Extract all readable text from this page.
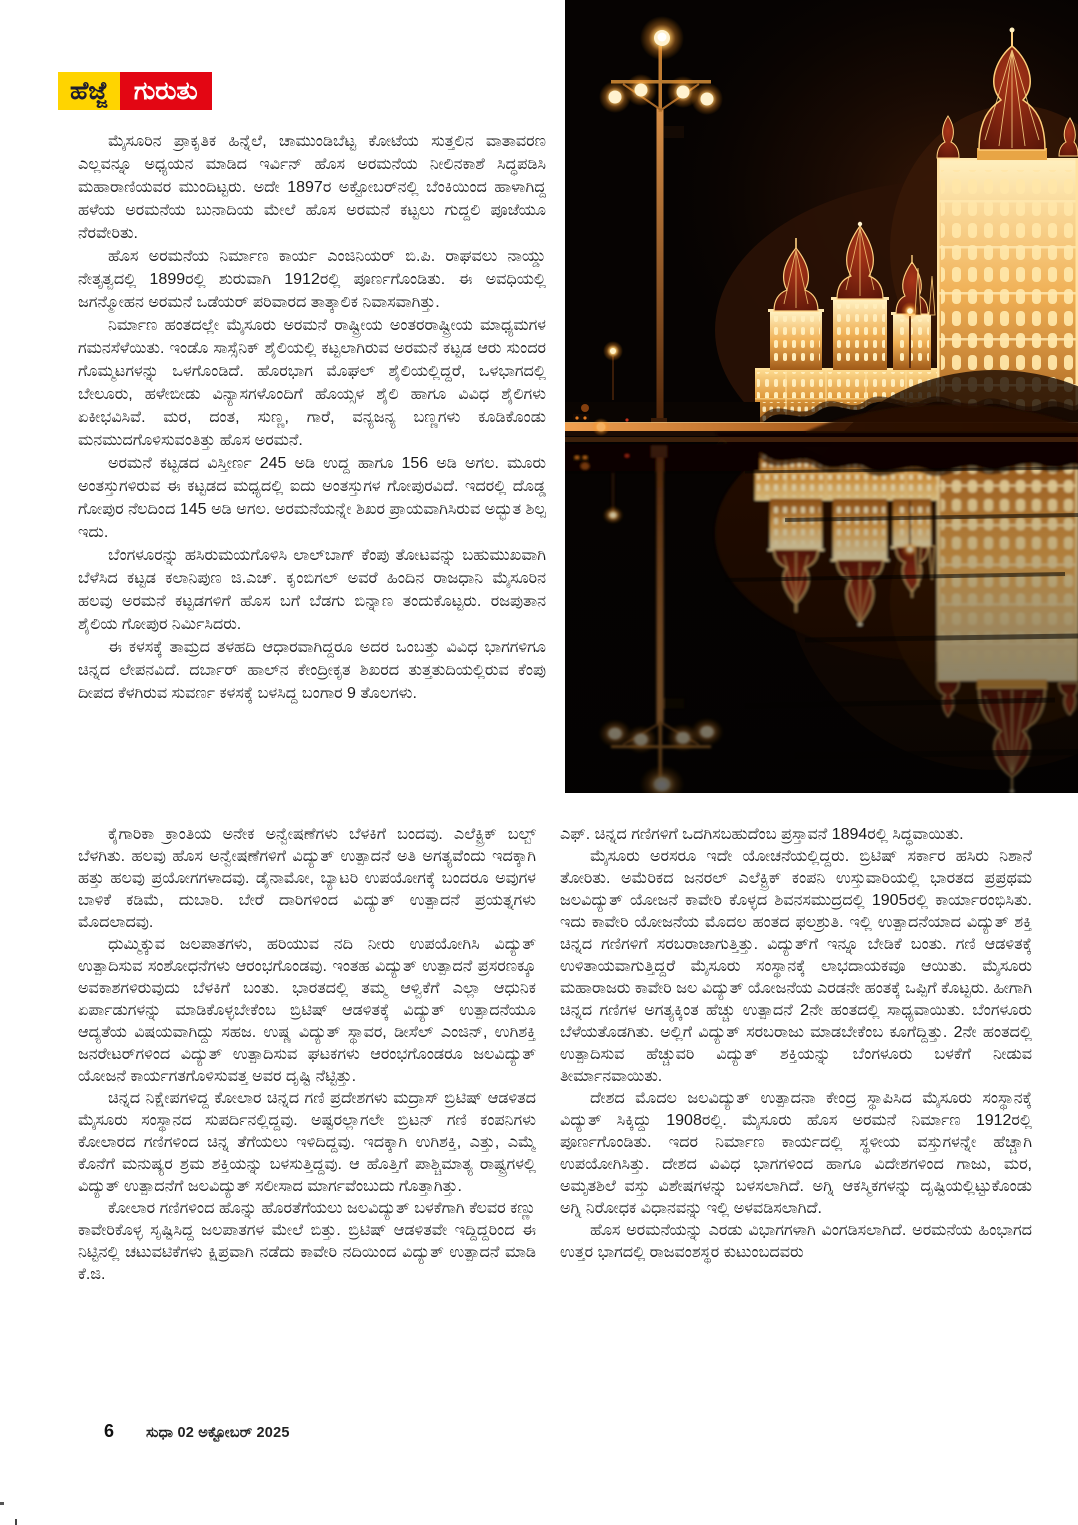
ಹೆಜ್ಜೆ	ಗುರುತು

ಮೈಸೂರಿನ ಪ್ರಾಕೃತಿಕ ಹಿನ್ನೆಲೆ, ಚಾಮುಂಡಿಬೆಟ್ಟ ಕೋಟೆಯ ಸುತ್ತಲಿನ ವಾತಾವರಣ ಎಲ್ಲವನ್ನೂ ಅಧ್ಯಯನ ಮಾಡಿದ ಇರ್ವಿನ್ ಹೊಸ ಅರಮನೆಯ ನೀಲಿನಕಾಶೆ ಸಿದ್ಧಪಡಿಸಿ ಮಹಾರಾಣಿಯವರ ಮುಂದಿಟ್ಟರು. ಅದೇ 1897ರ ಅಕ್ಟೋಬರ್‌ನಲ್ಲಿ ಬೆಂಕಿಯಿಂದ ಹಾಳಾಗಿದ್ದ ಹಳೆಯ ಅರಮನೆಯ ಬುನಾದಿಯ ಮೇಲೆ ಹೊಸ ಅರಮನೆ ಕಟ್ಟಲು ಗುದ್ದಲಿ ಪೂಜೆಯೂ ನೆರವೇರಿತು.

ಹೊಸ ಅರಮನೆಯ ನಿರ್ಮಾಣ ಕಾರ್ಯ ಎಂಜಿನಿಯರ್ ಬಿ.ಪಿ. ರಾಘವಲು ನಾಯ್ಡು ನೇತೃತ್ವದಲ್ಲಿ 1899ರಲ್ಲಿ ಶುರುವಾಗಿ 1912ರಲ್ಲಿ ಪೂರ್ಣಗೊಂಡಿತು. ಈ ಅವಧಿಯಲ್ಲಿ ಜಗನ್ಮೋಹನ ಅರಮನೆ ಒಡೆಯರ್ ಪರಿವಾರದ ತಾತ್ಕಾಲಿಕ ನಿವಾಸವಾಗಿತ್ತು.

ನಿರ್ಮಾಣ ಹಂತದಲ್ಲೇ ಮೈಸೂರು ಅರಮನೆ ರಾಷ್ಟ್ರೀಯ ಅಂತರರಾಷ್ಟ್ರೀಯ ಮಾಧ್ಯಮಗಳ ಗಮನಸೆಳೆಯಿತು. ಇಂಡೊ ಸಾಸ್ಸೆನಿಕ್ ಶೈಲಿಯಲ್ಲಿ ಕಟ್ಟಲಾಗಿರುವ ಅರಮನೆ ಕಟ್ಟಡ ಆರು ಸುಂದರ ಗೊಮ್ಮಟಗಳನ್ನು ಒಳಗೊಂಡಿದೆ. ಹೊರಭಾಗ ಮೊಘಲ್ ಶೈಲಿಯಲ್ಲಿದ್ದರೆ, ಒಳಭಾಗದಲ್ಲಿ ಬೇಲೂರು, ಹಳೇಬೀಡು ವಿನ್ಯಾಸಗಳೊಂದಿಗೆ ಹೊಯ್ಸಳ ಶೈಲಿ ಹಾಗೂ ವಿವಿಧ ಶೈಲಿಗಳು ಏಕೀಭವಿಸಿವೆ. ಮರ, ದಂತ, ಸುಣ್ಣ, ಗಾರೆ, ವನ್ಯಜನ್ಯ ಬಣ್ಣಗಳು ಕೂಡಿಕೊಂಡು ಮನಮುದಗೊಳಿಸುವಂತಿತ್ತು ಹೊಸ ಅರಮನೆ.

ಅರಮನೆ ಕಟ್ಟಡದ ವಿಸ್ತೀರ್ಣ 245 ಅಡಿ ಉದ್ದ ಹಾಗೂ 156 ಅಡಿ ಅಗಲ. ಮೂರು ಅಂತಸ್ತುಗಳಿರುವ ಈ ಕಟ್ಟಡದ ಮಧ್ಯದಲ್ಲಿ ಐದು ಅಂತಸ್ತುಗಳ ಗೋಪುರವಿದೆ. ಇದರಲ್ಲಿ ದೊಡ್ಡ ಗೋಪುರ ನೆಲದಿಂದ 145 ಅಡಿ ಅಗಲ. ಅರಮನೆಯನ್ನೇ ಶಿಖರ ಪ್ರಾಯವಾಗಿಸಿರುವ ಅದ್ಭುತ ಶಿಲ್ಪ ಇದು.

ಬೆಂಗಳೂರನ್ನು ಹಸಿರುಮಯಗೊಳಿಸಿ ಲಾಲ್‌ಬಾಗ್ ಕೆಂಪು ತೋಟವನ್ನು ಬಹುಮುಖವಾಗಿ ಬೆಳೆಸಿದ ಕಟ್ಟಡ ಕಲಾನಿಪುಣ ಜಿ.ಎಚ್. ಕೃಂಬಿಗಲ್ ಅವರೆ ಹಿಂದಿನ ರಾಜಧಾನಿ ಮೈಸೂರಿನ ಹಲವು ಅರಮನೆ ಕಟ್ಟಡಗಳಿಗೆ ಹೊಸ ಬಗೆ ಬೆಡಗು ಬಿನ್ನಾಣ ತಂದುಕೊಟ್ಟರು. ರಜಪುತಾನ ಶೈಲಿಯ ಗೋಪುರ ನಿರ್ಮಿಸಿದರು.

ಈ ಕಳಸಕ್ಕೆ ತಾಮ್ರದ ತಳಹದಿ ಆಧಾರವಾಗಿದ್ದರೂ ಅದರ ಒಂಬತ್ತು ವಿವಿಧ ಭಾಗಗಳಿಗೂ ಚಿನ್ನದ ಲೇಪನವಿದೆ. ದರ್ಬಾರ್ ಹಾಲ್‌ನ ಕೇಂದ್ರೀಕೃತ ಶಿಖರದ ತುತ್ತತುದಿಯಲ್ಲಿರುವ ಕೆಂಪು ದೀಪದ ಕೆಳಗಿರುವ ಸುವರ್ಣ ಕಳಸಕ್ಕೆ ಬಳಸಿದ್ದ ಬಂಗಾರ 9 ತೊಲಗಳು.

ಕೈಗಾರಿಕಾ ಕ್ರಾಂತಿಯ ಅನೇಕ ಅನ್ವೇಷಣೆಗಳು ಬೆಳಕಿಗೆ ಬಂದವು. ಎಲೆಕ್ಟ್ರಿಕ್ ಬಲ್ಬ್ ಬೆಳಗಿತು. ಹಲವು ಹೊಸ ಅನ್ವೇಷಣೆಗಳಿಗೆ ವಿದ್ಯುತ್ ಉತ್ಪಾದನೆ ಅತಿ ಅಗತ್ಯವೆಂದು ಇದಕ್ಕಾಗಿ ಹತ್ತು ಹಲವು ಪ್ರಯೋಗಗಳಾದವು. ಡೈನಾಮೋ, ಬ್ಯಾಟರಿ ಉಪಯೋಗಕ್ಕೆ ಬಂದರೂ ಅವುಗಳ ಬಾಳಿಕೆ ಕಡಿಮೆ, ದುಬಾರಿ. ಬೇರೆ ದಾರಿಗಳಿಂದ ವಿದ್ಯುತ್ ಉತ್ಪಾದನೆ ಪ್ರಯತ್ನಗಳು ಮೊದಲಾದವು.

ಧುಮ್ಮಿಕ್ಕುವ ಜಲಪಾತಗಳು, ಹರಿಯುವ ನದಿ ನೀರು ಉಪಯೋಗಿಸಿ ವಿದ್ಯುತ್ ಉತ್ಪಾದಿಸುವ ಸಂಶೋಧನೆಗಳು ಆರಂಭಗೊಂಡವು. ಇಂತಹ ವಿದ್ಯುತ್ ಉತ್ಪಾದನೆ ಪ್ರಸರಣಕ್ಕೂ ಅವಕಾಶಗಳಿರುವುದು ಬೆಳಕಿಗೆ ಬಂತು. ಭಾರತದಲ್ಲಿ ತಮ್ಮ ಆಳ್ವಿಕೆಗೆ ಎಲ್ಲಾ ಆಧುನಿಕ ಏರ್ಪಾಡುಗಳನ್ನು ಮಾಡಿಕೊಳ್ಳಬೇಕೆಂಬ ಬ್ರಿಟಿಷ್ ಆಡಳಿತಕ್ಕೆ ವಿದ್ಯುತ್ ಉತ್ಪಾದನೆಯೂ ಆದ್ಯತೆಯ ವಿಷಯವಾಗಿದ್ದು ಸಹಜ. ಉಷ್ಣ ವಿದ್ಯುತ್ ಸ್ಥಾವರ, ಡೀಸೆಲ್ ಎಂಜಿನ್, ಉಗಿಶಕ್ತಿ ಜನರೇಟರ್‌ಗಳಿಂದ ವಿದ್ಯುತ್ ಉತ್ಪಾದಿಸುವ ಘಟಕಗಳು ಆರಂಭಗೊಂಡರೂ ಜಲವಿದ್ಯುತ್ ಯೋಜನೆ ಕಾರ್ಯಗತಗೊಳಿಸುವತ್ತ ಅವರ ದೃಷ್ಟಿ ನೆಟ್ಟಿತ್ತು.

ಚಿನ್ನದ ನಿಕ್ಷೇಪಗಳಿದ್ದ ಕೋಲಾರ ಚಿನ್ನದ ಗಣಿ ಪ್ರದೇಶಗಳು ಮದ್ರಾಸ್ ಬ್ರಿಟಿಷ್ ಆಡಳಿತದ ಮೈಸೂರು ಸಂಸ್ಥಾನದ ಸುಪರ್ದಿನಲ್ಲಿದ್ದವು. ಅಷ್ಟರಲ್ಲಾಗಲೇ ಬ್ರಿಟನ್ ಗಣಿ ಕಂಪನಿಗಳು ಕೋಲಾರದ ಗಣಿಗಳಿಂದ ಚಿನ್ನ ತೆಗೆಯಲು ಇಳಿದಿದ್ದವು. ಇದಕ್ಕಾಗಿ ಉಗಿಶಕ್ತಿ, ಎತ್ತು, ಎಮ್ಮೆ ಕೊನೆಗೆ ಮನುಷ್ಯರ ಶ್ರಮ ಶಕ್ತಿಯನ್ನು ಬಳಸುತ್ತಿದ್ದವು. ಆ ಹೊತ್ತಿಗೆ ಪಾಶ್ಚಿಮಾತ್ಯ ರಾಷ್ಟ್ರಗಳಲ್ಲಿ ವಿದ್ಯುತ್ ಉತ್ಪಾದನೆಗೆ ಜಲವಿದ್ಯುತ್ ಸಲೀಸಾದ ಮಾರ್ಗವೆಂಬುದು ಗೊತ್ತಾಗಿತ್ತು.

ಕೋಲಾರ ಗಣಿಗಳಿಂದ ಹೊನ್ನು ಹೊರತೆಗೆಯಲು ಜಲವಿದ್ಯುತ್ ಬಳಕೆಗಾಗಿ ಕೆಲವರ ಕಣ್ಣು ಕಾವೇರಿಕೊಳ್ಳ ಸೃಷ್ಟಿಸಿದ್ದ ಜಲಪಾತಗಳ ಮೇಲೆ ಬಿತ್ತು. ಬ್ರಿಟಿಷ್ ಆಡಳಿತವೇ ಇದ್ದಿದ್ದರಿಂದ ಈ ನಿಟ್ಟಿನಲ್ಲಿ ಚಟುವಟಿಕೆಗಳು ಕ್ಷಿಪ್ರವಾಗಿ ನಡೆದು ಕಾವೇರಿ ನದಿಯಿಂದ ವಿದ್ಯುತ್ ಉತ್ಪಾದನೆ ಮಾಡಿ ಕೆ.ಜಿ.

ಎಫ್. ಚಿನ್ನದ ಗಣಿಗಳಿಗೆ ಒದಗಿಸಬಹುದೆಂಬ ಪ್ರಸ್ತಾವನೆ 1894ರಲ್ಲಿ ಸಿದ್ಧವಾಯಿತು.

ಮೈಸೂರು ಅರಸರೂ ಇದೇ ಯೋಚನೆಯಲ್ಲಿದ್ದರು. ಬ್ರಿಟಿಷ್ ಸರ್ಕಾರ ಹಸಿರು ನಿಶಾನೆ ತೋರಿತು. ಅಮೆರಿಕದ ಜನರಲ್ ಎಲೆಕ್ಟ್ರಿಕ್ ಕಂಪನಿ ಉಸ್ತುವಾರಿಯಲ್ಲಿ ಭಾರತದ ಪ್ರಪ್ರಥಮ ಜಲವಿದ್ಯುತ್ ಯೋಜನೆ ಕಾವೇರಿ ಕೊಳ್ಳದ ಶಿವನಸಮುದ್ರದಲ್ಲಿ 1905ರಲ್ಲಿ ಕಾರ್ಯಾರಂಭಿಸಿತು. ಇದು ಕಾವೇರಿ ಯೋಜನೆಯ ಮೊದಲ ಹಂತದ ಫಲಶ್ರುತಿ. ಇಲ್ಲಿ ಉತ್ಪಾದನೆಯಾದ ವಿದ್ಯುತ್ ಶಕ್ತಿ ಚಿನ್ನದ ಗಣಿಗಳಿಗೆ ಸರಬರಾಜಾಗುತ್ತಿತ್ತು. ವಿದ್ಯುತ್‌ಗೆ ಇನ್ನೂ ಬೇಡಿಕೆ ಬಂತು. ಗಣಿ ಆಡಳಿತಕ್ಕೆ ಉಳಿತಾಯವಾಗುತ್ತಿದ್ದರೆ ಮೈಸೂರು ಸಂಸ್ಥಾನಕ್ಕೆ ಲಾಭದಾಯಕವೂ ಆಯಿತು. ಮೈಸೂರು ಮಹಾರಾಜರು ಕಾವೇರಿ ಜಲ ವಿದ್ಯುತ್ ಯೋಜನೆಯ ಎರಡನೇ ಹಂತಕ್ಕೆ ಒಪ್ಪಿಗೆ ಕೊಟ್ಟರು. ಹೀಗಾಗಿ ಚಿನ್ನದ ಗಣಿಗಳ ಅಗತ್ಯಕ್ಕಿಂತ ಹೆಚ್ಚು ಉತ್ಪಾದನೆ 2ನೇ ಹಂತದಲ್ಲಿ ಸಾಧ್ಯವಾಯಿತು. ಬೆಂಗಳೂರು ಬೆಳೆಯತೊಡಗಿತು. ಅಲ್ಲಿಗೆ ವಿದ್ಯುತ್ ಸರಬರಾಜು ಮಾಡಬೇಕೆಂಬ ಕೂಗೆದ್ದಿತ್ತು. 2ನೇ ಹಂತದಲ್ಲಿ ಉತ್ಪಾದಿಸುವ ಹೆಚ್ಚುವರಿ ವಿದ್ಯುತ್ ಶಕ್ತಿಯನ್ನು ಬೆಂಗಳೂರು ಬಳಕೆಗೆ ನೀಡುವ ತೀರ್ಮಾನವಾಯಿತು.

ದೇಶದ ಮೊದಲ ಜಲವಿದ್ಯುತ್ ಉತ್ಪಾದನಾ ಕೇಂದ್ರ ಸ್ಥಾಪಿಸಿದ ಮೈಸೂರು ಸಂಸ್ಥಾನಕ್ಕೆ ವಿದ್ಯುತ್ ಸಿಕ್ಕಿದ್ದು 1908ರಲ್ಲಿ. ಮೈಸೂರು ಹೊಸ ಅರಮನೆ ನಿರ್ಮಾಣ 1912ರಲ್ಲಿ ಪೂರ್ಣಗೊಂಡಿತು. ಇದರ ನಿರ್ಮಾಣ ಕಾರ್ಯದಲ್ಲಿ ಸ್ಥಳೀಯ ವಸ್ತುಗಳನ್ನೇ ಹೆಚ್ಚಾಗಿ ಉಪಯೋಗಿಸಿತ್ತು. ದೇಶದ ವಿವಿಧ ಭಾಗಗಳಿಂದ ಹಾಗೂ ವಿದೇಶಗಳಿಂದ ಗಾಜು, ಮರ, ಅಮೃತಶಿಲೆ ವಸ್ತು ವಿಶೇಷಗಳನ್ನು ಬಳಸಲಾಗಿದೆ. ಅಗ್ನಿ ಆಕಸ್ಮಿಕಗಳನ್ನು ದೃಷ್ಟಿಯಲ್ಲಿಟ್ಟುಕೊಂಡು ಅಗ್ನಿ ನಿರೋಧಕ ವಿಧಾನವನ್ನು ಇಲ್ಲಿ ಅಳವಡಿಸಲಾಗಿದೆ.

ಹೊಸ ಅರಮನೆಯನ್ನು ಎರಡು ವಿಭಾಗಗಳಾಗಿ ವಿಂಗಡಿಸಲಾಗಿದೆ. ಅರಮನೆಯ ಹಿಂಭಾಗದ ಉತ್ತರ ಭಾಗದಲ್ಲಿ ರಾಜವಂಶಸ್ಥರ ಕುಟುಂಬದವರು

6 ಸುಧಾ 02 ಅಕ್ಟೋಬರ್ 2025
